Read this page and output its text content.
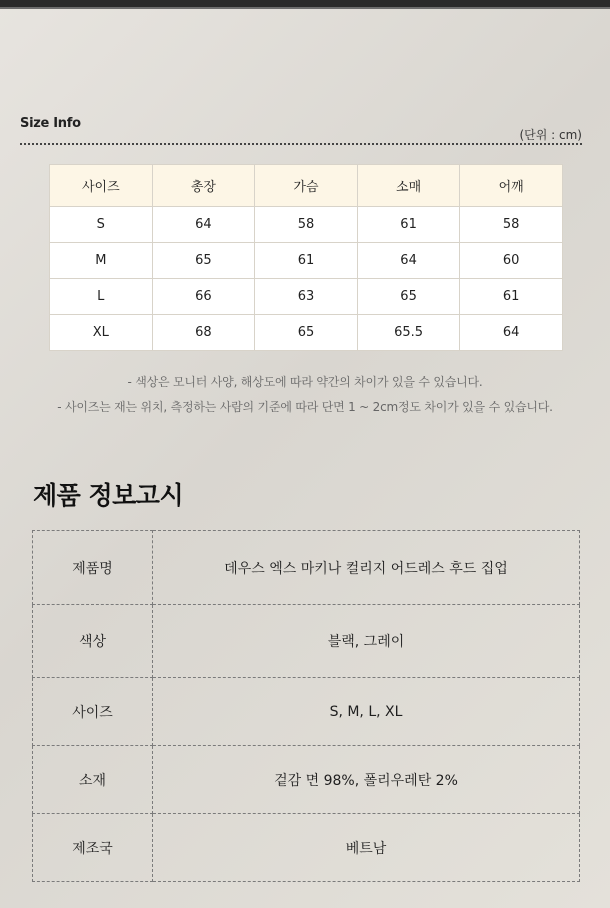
Size Info
(단위 : cm)
사이즈	총장	가슴	소매	어깨
S	64	58	61	58
M	65	61	64	60
L	66	63	65	61
XL	68	65	65.5	64
- 색상은 모니터 사양, 해상도에 따라 약간의 차이가 있을 수 있습니다.
- 사이즈는 재는 위치, 측정하는 사람의 기준에 따라 단면 1 ~ 2cm정도 차이가 있을 수 있습니다.
제품 정보고시
제품명	데우스 엑스 마키나 컬리지 어드레스 후드 집업
색상	블랙, 그레이
사이즈	S, M, L, XL
소재	겉감 면 98%, 폴리우레탄 2%
제조국	베트남
